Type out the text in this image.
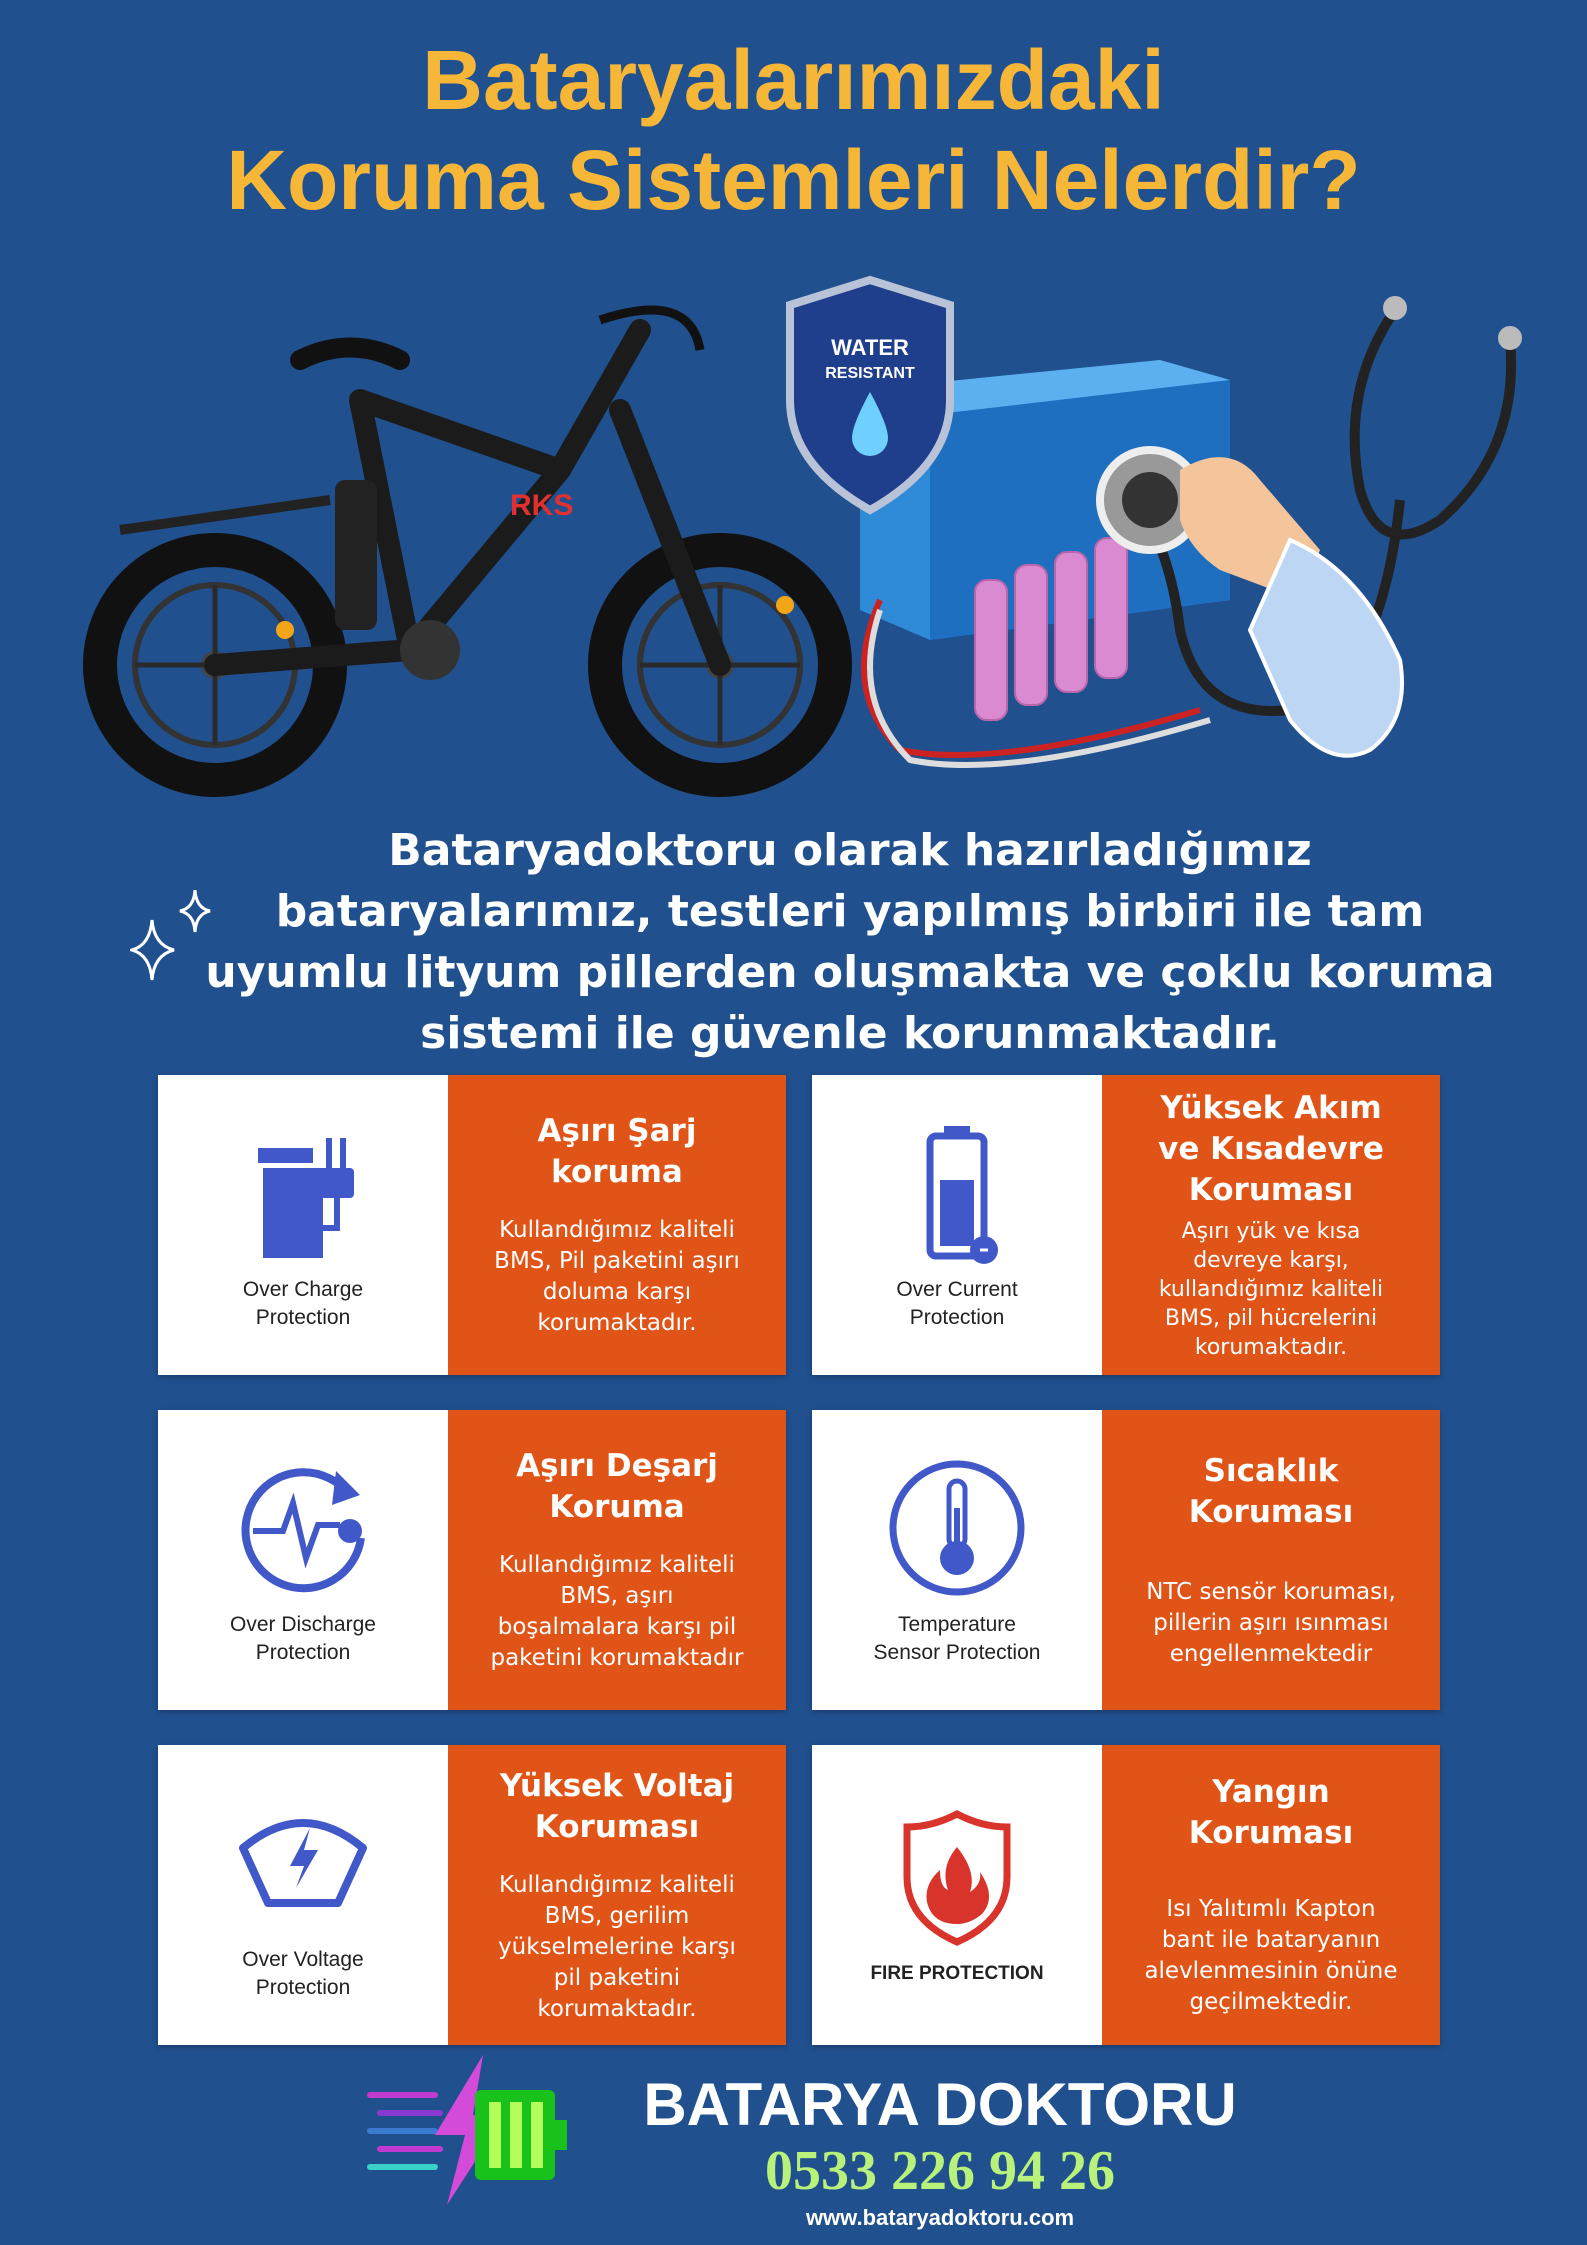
Bataryalarımızdaki
Koruma Sistemleri Nelerdir?
RKS
WATER
RESISTANT
Bataryadoktoru olarak hazırladığımız
bataryalarımız, testleri yapılmış birbiri ile tam
uyumlu lityum pillerden oluşmakta ve çoklu koruma
sistemi ile güvenle korunmaktadır.
Over Charge
Protection
Aşırı Şarj
koruma
Kullandığımız kaliteli
BMS, Pil paketini aşırı
doluma karşı
korumaktadır.
Over Current
Protection
Yüksek Akım
ve Kısadevre
Koruması
Aşırı yük ve kısa
devreye karşı,
kullandığımız kaliteli
BMS, pil hücrelerini
korumaktadır.
Over Discharge
Protection
Aşırı Deşarj
Koruma
Kullandığımız kaliteli
BMS, aşırı
boşalmalara karşı pil
paketini korumaktadır
Temperature
Sensor Protection
Sıcaklık
Koruması
NTC sensör koruması,
pillerin aşırı ısınması
engellenmektedir
Over Voltage
Protection
Yüksek Voltaj
Koruması
Kullandığımız kaliteli
BMS, gerilim
yükselmelerine karşı
pil paketini
korumaktadır.
FIRE PROTECTION
Yangın
Koruması
Isı Yalıtımlı Kapton
bant ile bataryanın
alevlenmesinin önüne
geçilmektedir.
BATARYA DOKTORU
0533 226 94 26
www.bataryadoktoru.com
